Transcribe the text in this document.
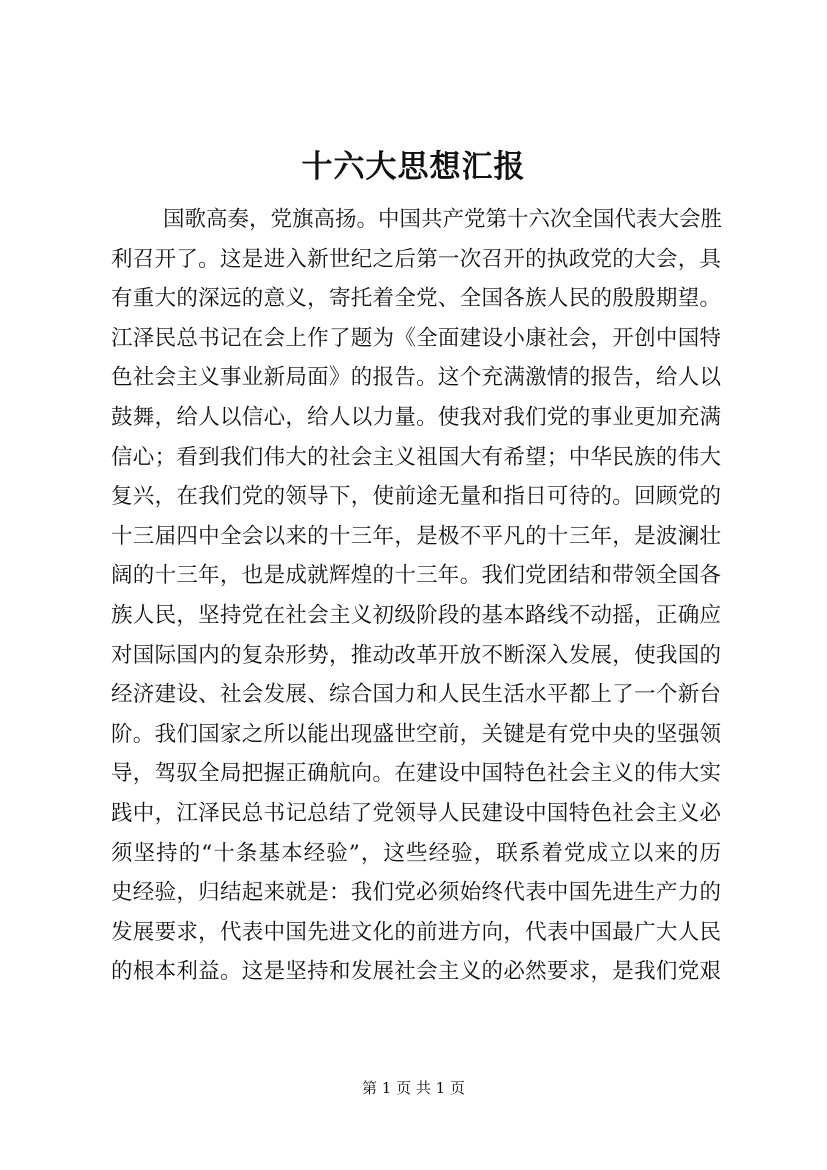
十六大思想汇报
国歌高奏，党旗高扬。中国共产党第十六次全国代表大会胜
利召开了。这是进入新世纪之后第一次召开的执政党的大会，具
有重大的深远的意义，寄托着全党、全国各族人民的殷殷期望。
江泽民总书记在会上作了题为《全面建设小康社会，开创中国特
色社会主义事业新局面》的报告。这个充满激情的报告，给人以
鼓舞，给人以信心，给人以力量。使我对我们党的事业更加充满
信心；看到我们伟大的社会主义祖国大有希望；中华民族的伟大
复兴，在我们党的领导下，使前途无量和指日可待的。回顾党的
十三届四中全会以来的十三年，是极不平凡的十三年，是波澜壮
阔的十三年，也是成就辉煌的十三年。我们党团结和带领全国各
族人民，坚持党在社会主义初级阶段的基本路线不动摇，正确应
对国际国内的复杂形势，推动改革开放不断深入发展，使我国的
经济建设、社会发展、综合国力和人民生活水平都上了一个新台
阶。我们国家之所以能出现盛世空前，关键是有党中央的坚强领
导，驾驭全局把握正确航向。在建设中国特色社会主义的伟大实
践中，江泽民总书记总结了党领导人民建设中国特色社会主义必
须坚持的“十条基本经验”，这些经验，联系着党成立以来的历
史经验，归结起来就是：我们党必须始终代表中国先进生产力的
发展要求，代表中国先进文化的前进方向，代表中国最广大人民
的根本利益。这是坚持和发展社会主义的必然要求，是我们党艰
第 1 页 共 1 页
